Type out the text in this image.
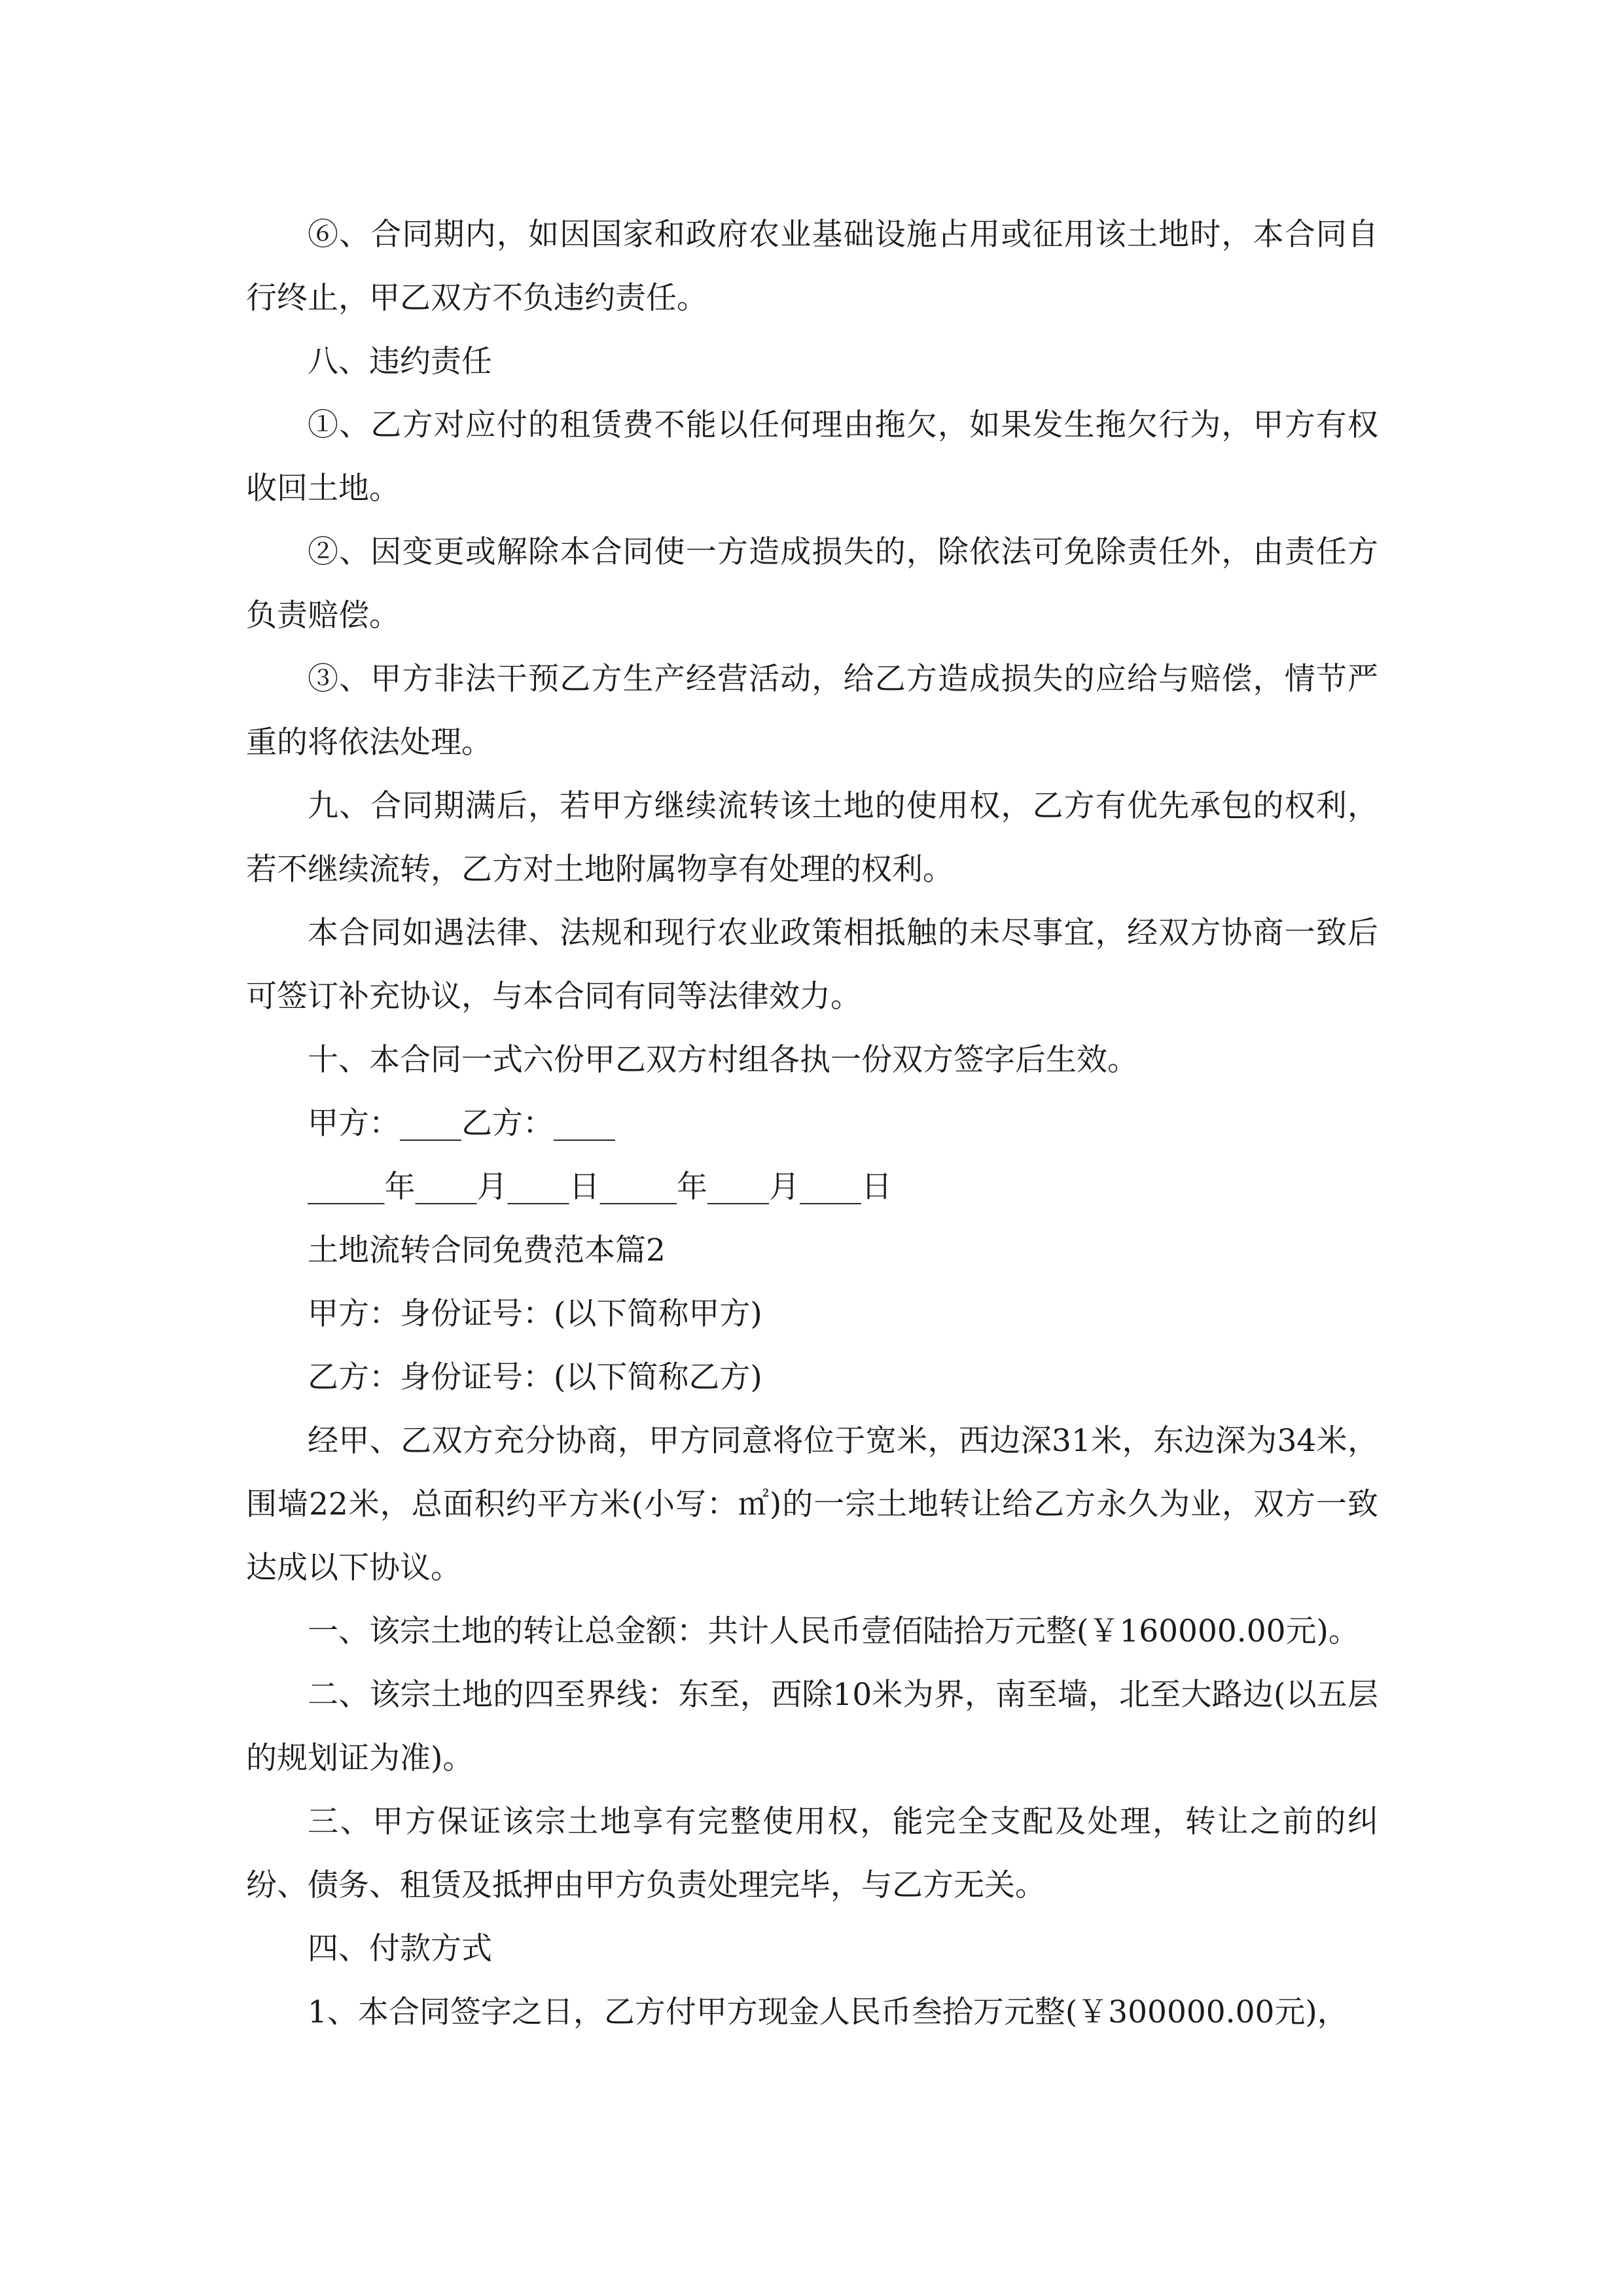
⑥、合同期内，如因国家和政府农业基础设施占用或征用该土地时，本合同自行终止，甲乙双方不负违约责任。

八、违约责任

①、乙方对应付的租赁费不能以任何理由拖欠，如果发生拖欠行为，甲方有权收回土地。

②、因变更或解除本合同使一方造成损失的，除依法可免除责任外，由责任方负责赔偿。

③、甲方非法干预乙方生产经营活动，给乙方造成损失的应给与赔偿，情节严重的将依法处理。

九、合同期满后，若甲方继续流转该土地的使用权，乙方有优先承包的权利，若不继续流转，乙方对土地附属物享有处理的权利。

本合同如遇法律、法规和现行农业政策相抵触的未尽事宜，经双方协商一致后可签订补充协议，与本合同有同等法律效力。

十、本合同一式六份甲乙双方村组各执一份双方签字后生效。

甲方：____乙方：____

_____年____月____日_____年____月____日

土地流转合同免费范本篇2

甲方：身份证号：(以下简称甲方)

乙方：身份证号：(以下简称乙方)

经甲、乙双方充分协商，甲方同意将位于宽米，西边深31米，东边深为34米，围墙22米，总面积约平方米(小写：㎡)的一宗土地转让给乙方永久为业，双方一致达成以下协议。

一、该宗土地的转让总金额：共计人民币壹佰陆拾万元整(￥160000.00元)。

二、该宗土地的四至界线：东至，西除10米为界，南至墙，北至大路边(以五层的规划证为准)。

三、甲方保证该宗土地享有完整使用权，能完全支配及处理，转让之前的纠纷、债务、租赁及抵押由甲方负责处理完毕，与乙方无关。

四、付款方式

1、本合同签字之日，乙方付甲方现金人民币叁拾万元整(￥300000.00元)，
